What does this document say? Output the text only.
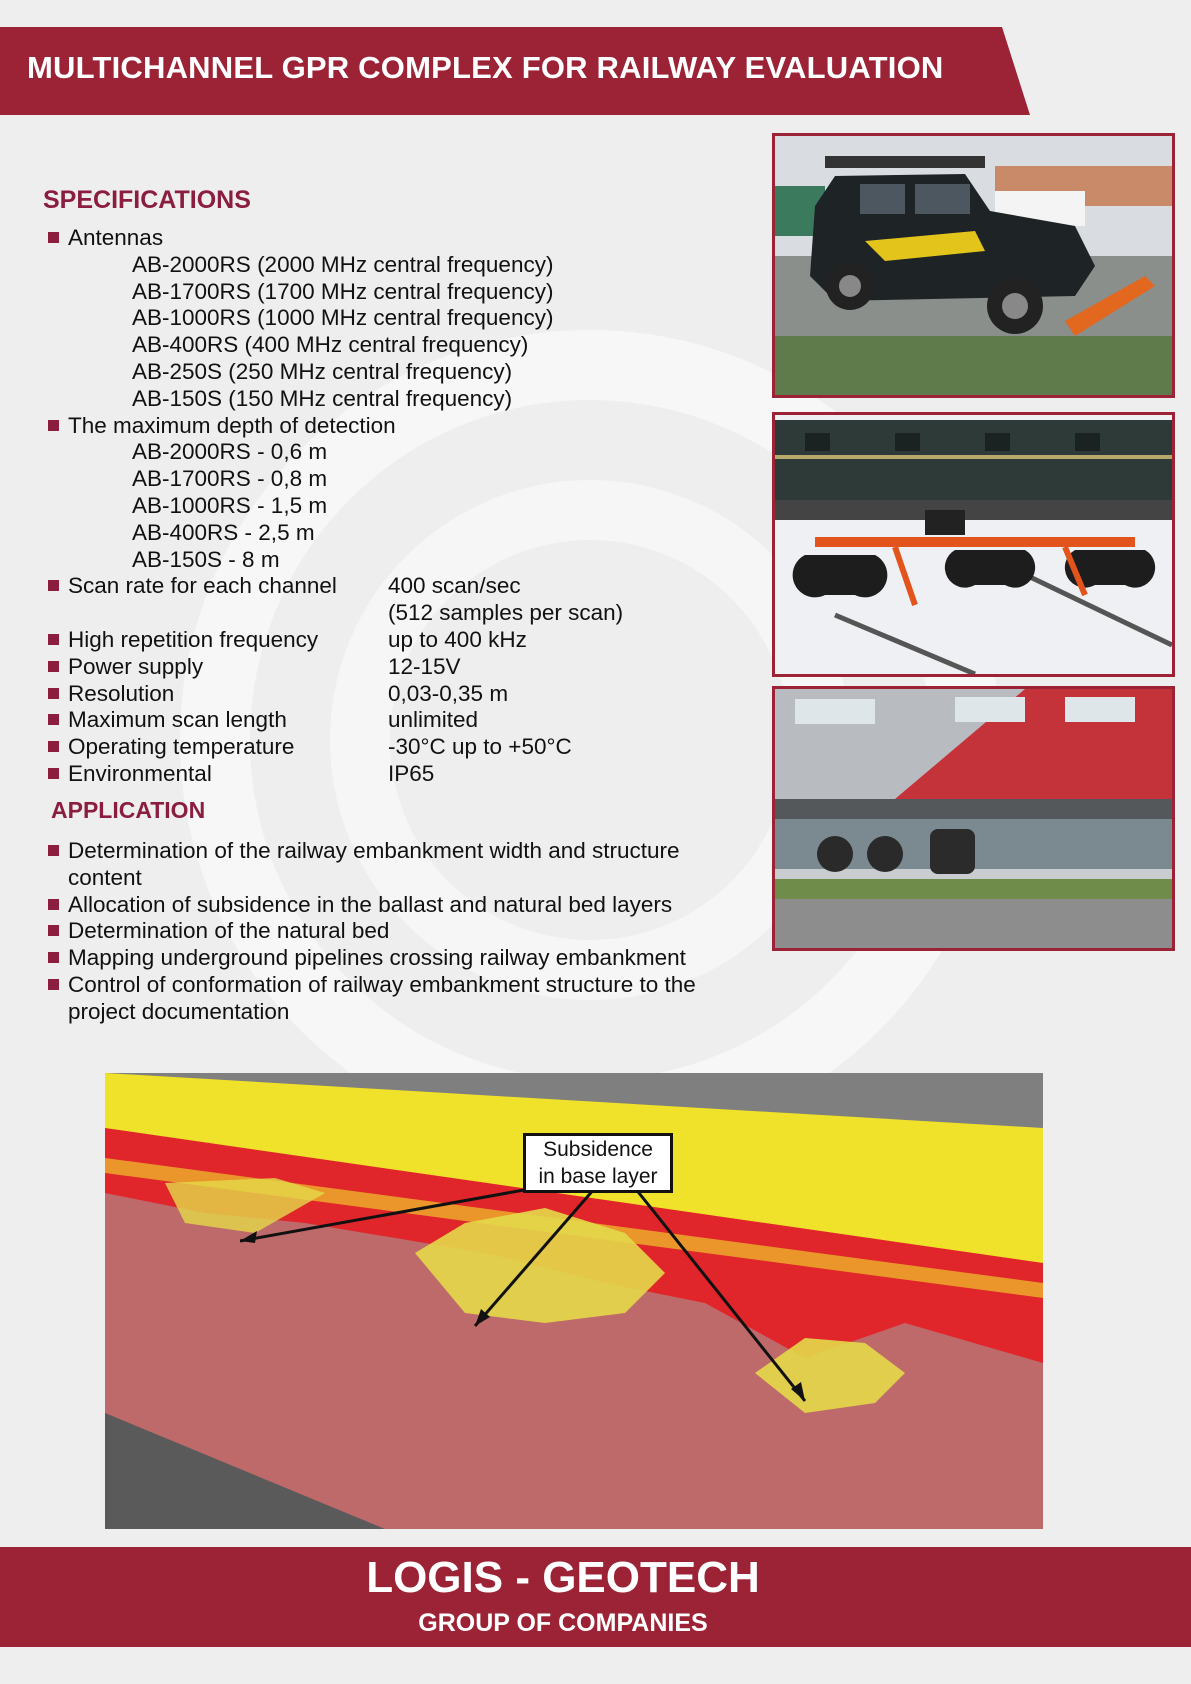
MULTICHANNEL GPR COMPLEX FOR RAILWAY EVALUATION
SPECIFICATIONS
Antennas
AB-2000RS (2000 MHz central frequency)
AB-1700RS (1700 MHz central frequency)
AB-1000RS (1000 MHz central frequency)
AB-400RS (400 MHz central frequency)
AB-250S (250 MHz central frequency)
AB-150S (150 MHz central frequency)
The maximum depth of detection
AB-2000RS - 0,6 m
AB-1700RS - 0,8 m
AB-1000RS - 1,5 m
AB-400RS - 2,5 m
AB-150S - 8 m
Scan rate for each channel 400 scan/sec
(512 samples per scan)
High repetition frequency	up to 400 kHz
Power supply	12-15V
Resolution	0,03-0,35 m
Maximum scan length	unlimited
Operating temperature	-30°C up to +50°C
Environmental	IP65
APPLICATION
Determination of the railway embankment width and structure content
Allocation of subsidence in the ballast and natural bed layers
Determination of the natural bed
Mapping underground pipelines crossing railway embankment
Control of conformation of railway embankment structure to the project documentation
Subsidence
in base layer
LOGIS - GEOTECH
GROUP OF COMPANIES
